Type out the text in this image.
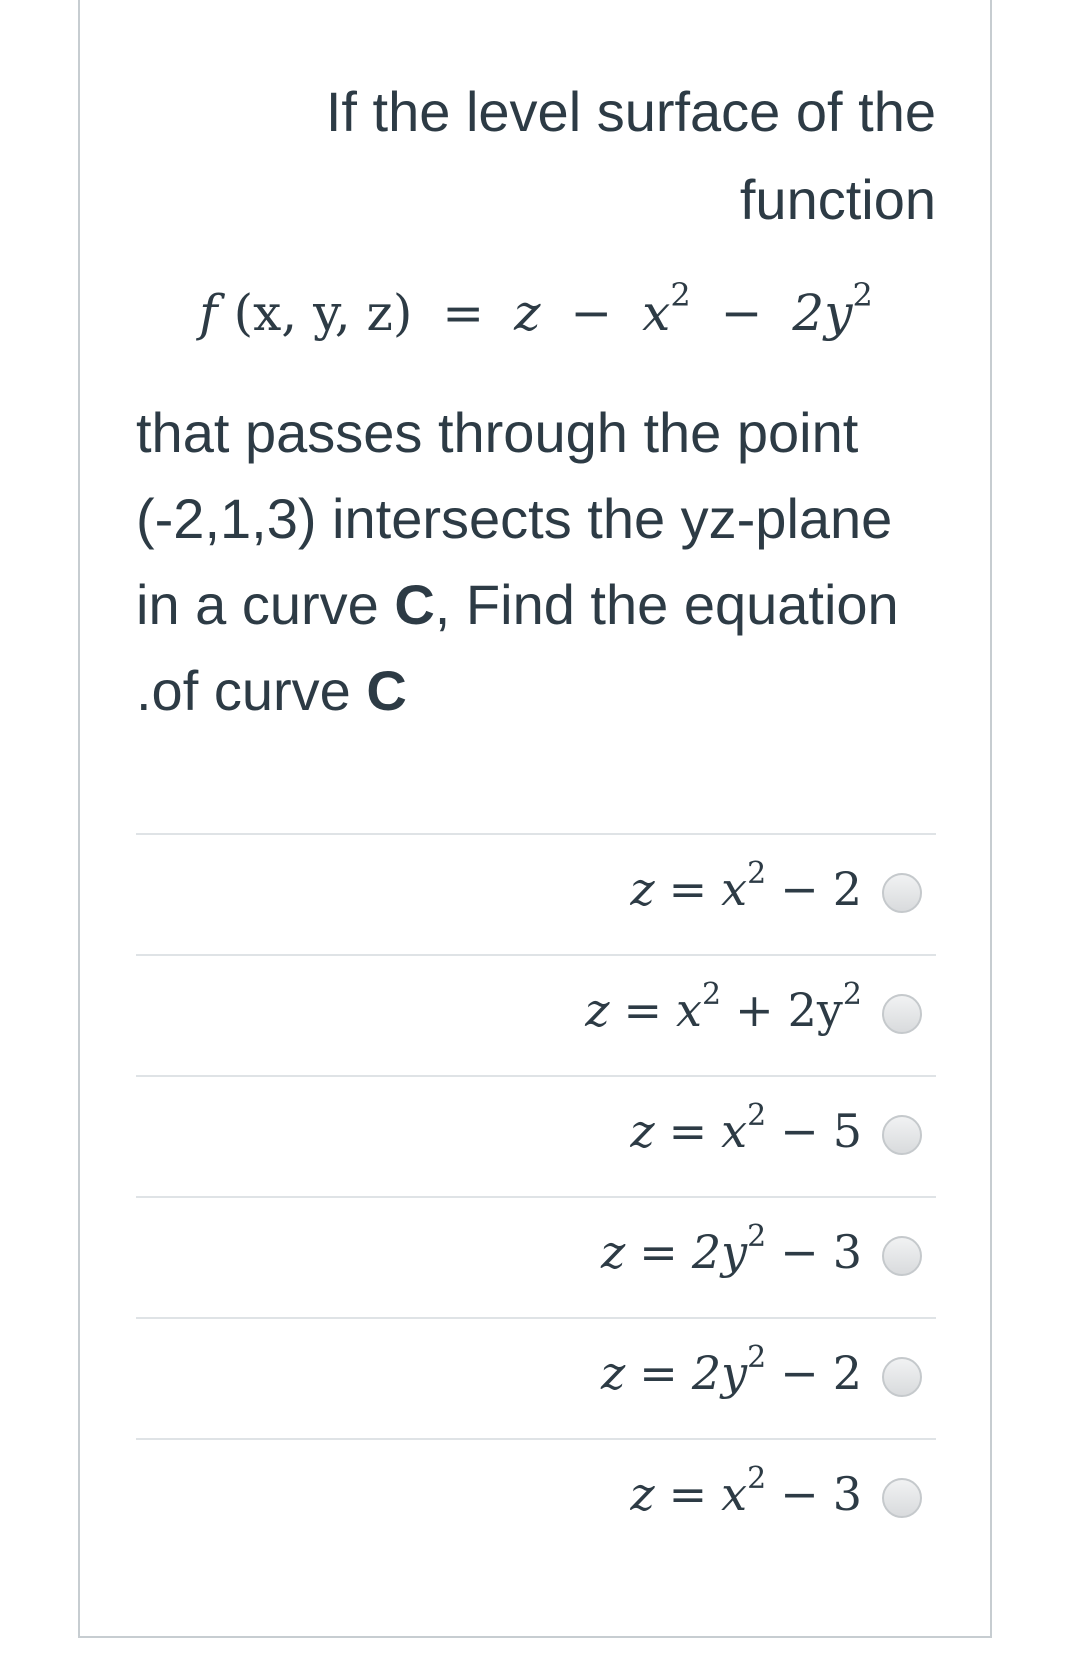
If the level surface of the
function
f (x, y, $z) = z - x^2 - 2y^2$
that passes through the point
(-2,1,3) intersects the yz-plane
in a curve C, Find the equation
.of curve C
$z = x^2 - 2$
$z = x^2 + 2y^2$
$z = x^2 - 5$
$z = 2y^2 - 3$
$z = 2y^2 - 2$
$z = x^2 - 3$
